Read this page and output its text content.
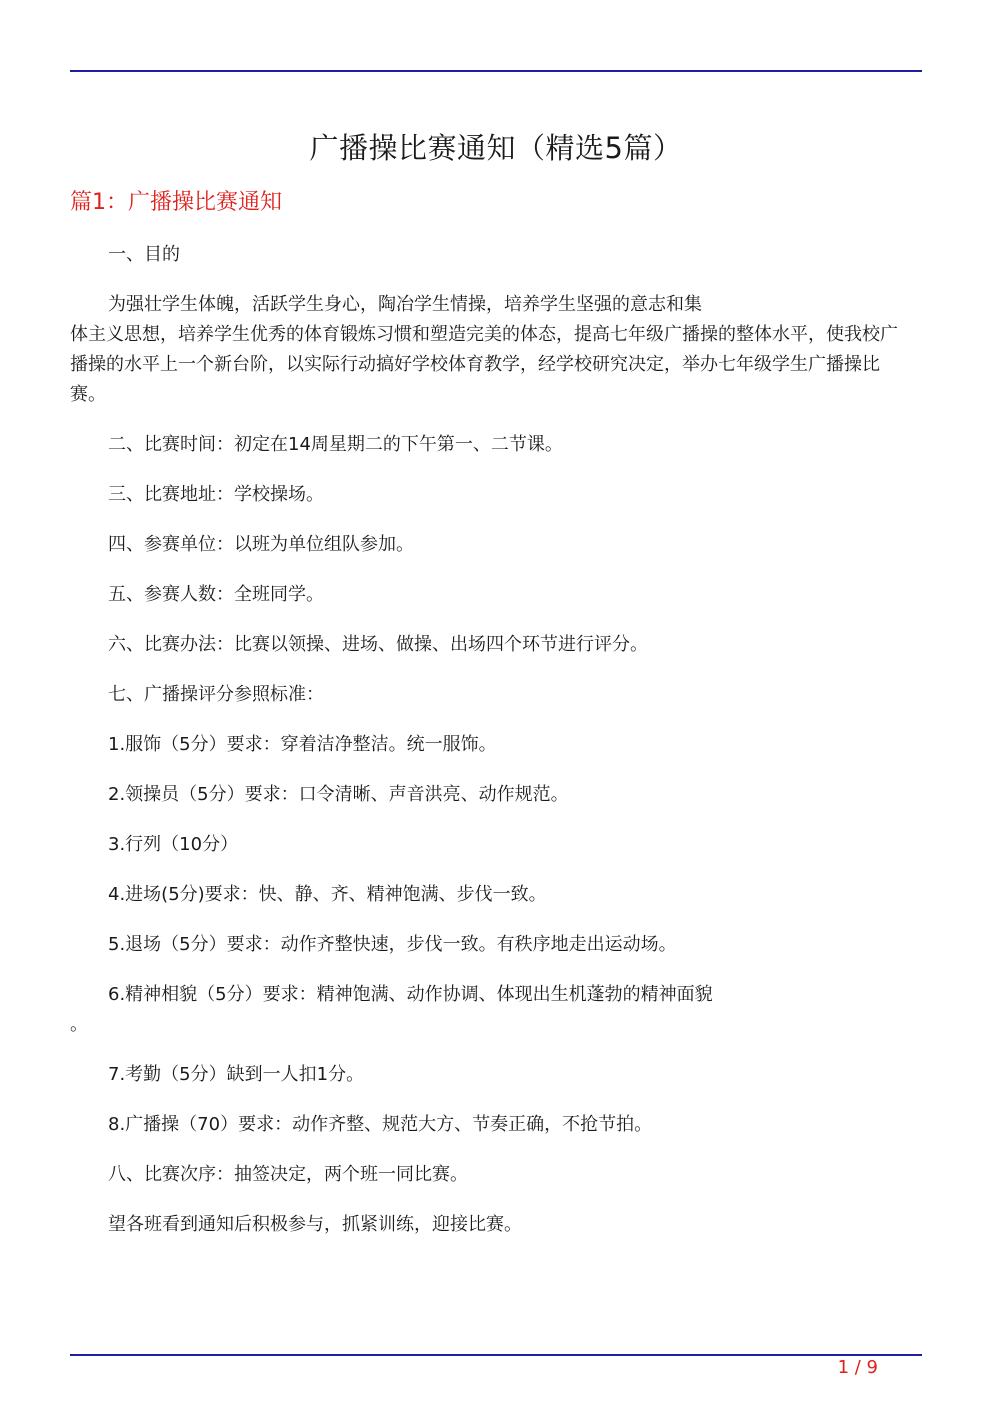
广播操比赛通知（精选5篇）
篇1：广播操比赛通知

一、目的

为强壮学生体魄，活跃学生身心，陶冶学生情操，培养学生坚强的意志和集
体主义思想，培养学生优秀的体育锻炼习惯和塑造完美的体态，提高七年级广播操的整体水平，使我校广播操的水平上一个新台阶，以实际行动搞好学校体育教学，经学校研究决定，举办七年级学生广播操比赛。

二、比赛时间：初定在14周星期二的下午第一、二节课。

三、比赛地址：学校操场。

四、参赛单位：以班为单位组队参加。

五、参赛人数：全班同学。

六、比赛办法：比赛以领操、进场、做操、出场四个环节进行评分。

七、广播操评分参照标准：

1.服饰（5分）要求：穿着洁净整洁。统一服饰。

2.领操员（5分）要求：口令清晰、声音洪亮、动作规范。

3.行列（10分）

4.进场(5分)要求：快、静、齐、精神饱满、步伐一致。

5.退场（5分）要求：动作齐整快速，步伐一致。有秩序地走出运动场。

6.精神相貌（5分）要求：精神饱满、动作协调、体现出生机蓬勃的精神面貌
。

7.考勤（5分）缺到一人扣1分。

8.广播操（70）要求：动作齐整、规范大方、节奏正确，不抢节拍。

八、比赛次序：抽签决定，两个班一同比赛。

望各班看到通知后积极参与，抓紧训练，迎接比赛。

1 / 9
